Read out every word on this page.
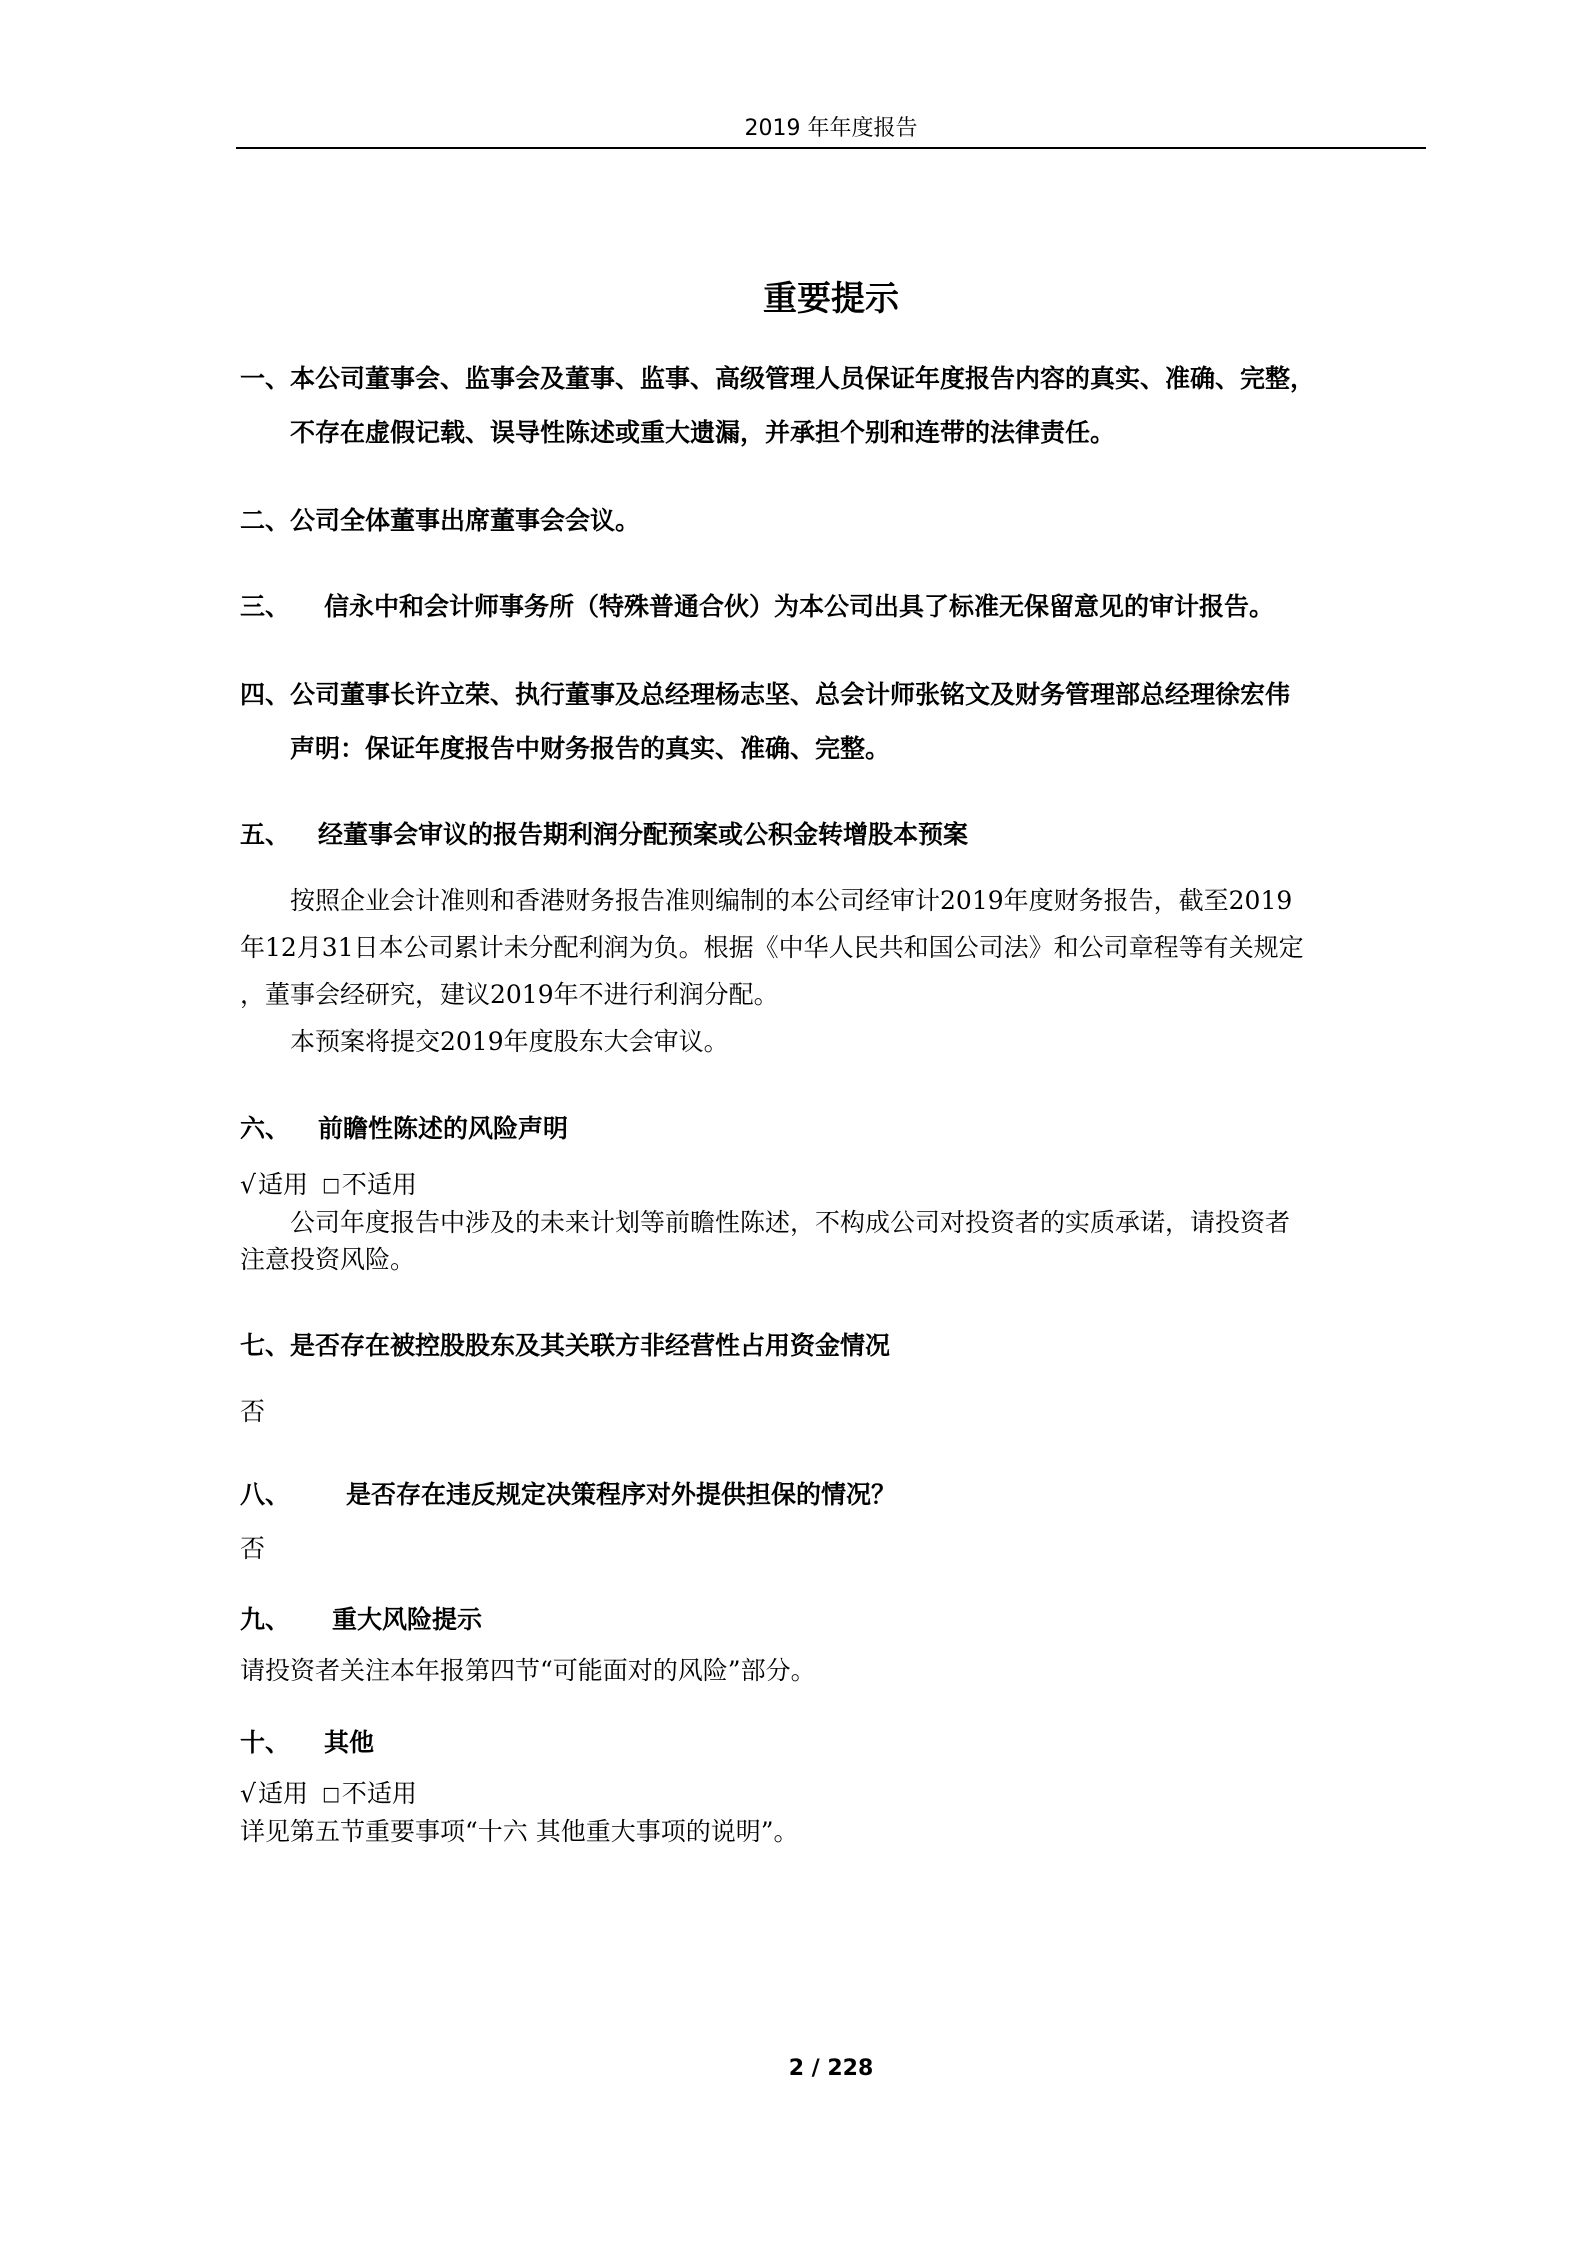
2019 年年度报告
重要提示
一、本公司董事会、监事会及董事、监事、高级管理人员保证年度报告内容的真实、准确、完整，
不存在虚假记载、误导性陈述或重大遗漏，并承担个别和连带的法律责任。
二、公司全体董事出席董事会会议。
三、 信永中和会计师事务所（特殊普通合伙）为本公司出具了标准无保留意见的审计报告。
四、公司董事长许立荣、执行董事及总经理杨志坚、总会计师张铭文及财务管理部总经理徐宏伟
声明：保证年度报告中财务报告的真实、准确、完整。
五、 经董事会审议的报告期利润分配预案或公积金转增股本预案
按照企业会计准则和香港财务报告准则编制的本公司经审计2019年度财务报告，截至2019
年12月31日本公司累计未分配利润为负。根据《中华人民共和国公司法》和公司章程等有关规定
，董事会经研究，建议2019年不进行利润分配。
本预案将提交2019年度股东大会审议。
六、 前瞻性陈述的风险声明
√适用 □不适用
公司年度报告中涉及的未来计划等前瞻性陈述，不构成公司对投资者的实质承诺，请投资者
注意投资风险。
七、是否存在被控股股东及其关联方非经营性占用资金情况
否
八、 是否存在违反规定决策程序对外提供担保的情况？
否
九、 重大风险提示
请投资者关注本年报第四节“可能面对的风险”部分。
十、 其他
√适用 □不适用
详见第五节重要事项“十六 其他重大事项的说明”。
2 / 228
